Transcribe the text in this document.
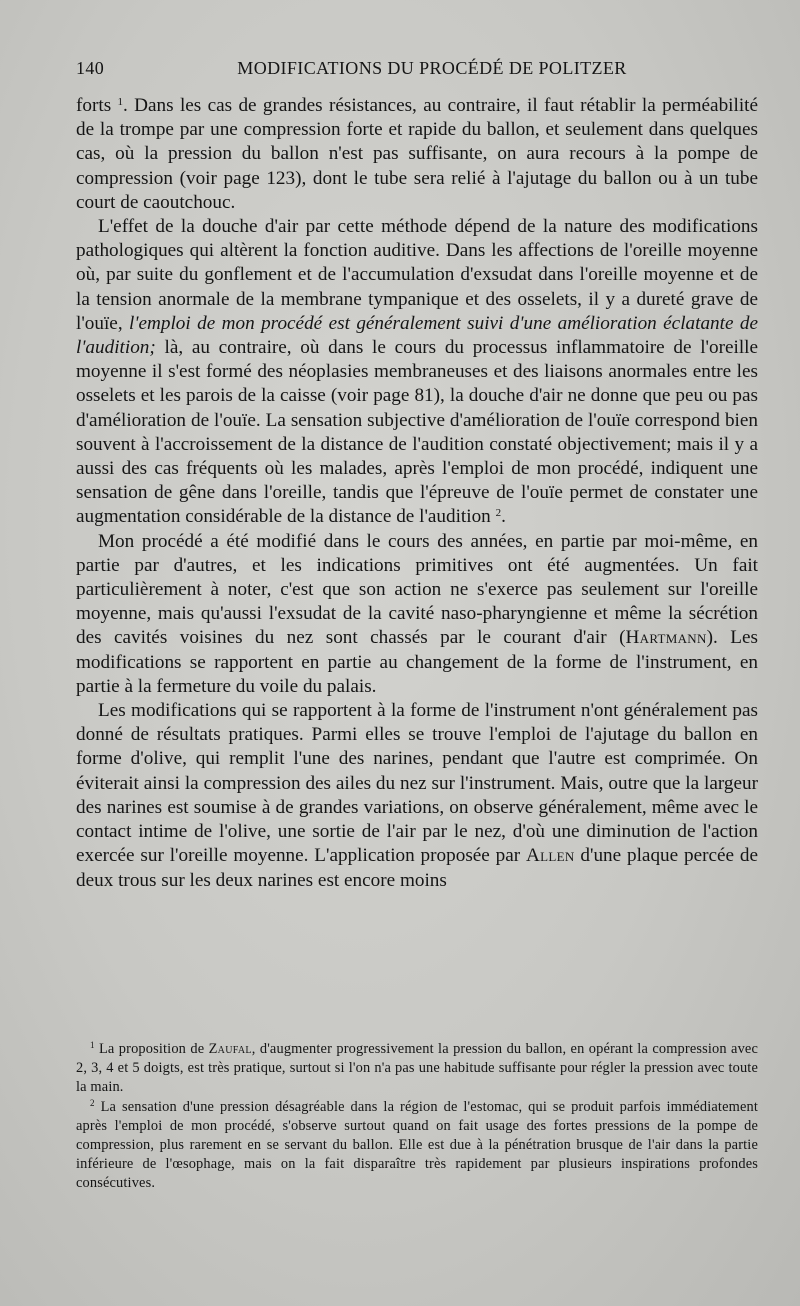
140	MODIFICATIONS DU PROCÉDÉ DE POLITZER

forts $^1$. Dans les cas de grandes résistances, au contraire, il faut rétablir la perméabilité de la trompe par une compression forte et rapide du ballon, et seulement dans quelques cas, où la pression du ballon n'est pas suffisante, on aura recours à la pompe de compression (voir page 123), dont le tube sera relié à l'ajutage du ballon ou à un tube court de caoutchouc.

L'effet de la douche d'air par cette méthode dépend de la nature des modifications pathologiques qui altèrent la fonction auditive. Dans les affections de l'oreille moyenne où, par suite du gonflement et de l'accumulation d'exsudat dans l'oreille moyenne et de la tension anormale de la membrane tympanique et des osselets, il y a dureté grave de l'ouïe, l'emploi de mon procédé est généralement suivi d'une amélioration éclatante de l'audition; là, au contraire, où dans le cours du processus inflammatoire de l'oreille moyenne il s'est formé des néoplasies membraneuses et des liaisons anormales entre les osselets et les parois de la caisse (voir page 81), la douche d'air ne donne que peu ou pas d'amélioration de l'ouïe. La sensation subjective d'amélioration de l'ouïe correspond bien souvent à l'accroissement de la distance de l'audition constaté objectivement; mais il y a aussi des cas fréquents où les malades, après l'emploi de mon procédé, indiquent une sensation de gêne dans l'oreille, tandis que l'épreuve de l'ouïe permet de constater une augmentation considérable de la distance de l'audition $^2$.

Mon procédé a été modifié dans le cours des années, en partie par moi-même, en partie par d'autres, et les indications primitives ont été augmentées. Un fait particulièrement à noter, c'est que son action ne s'exerce pas seulement sur l'oreille moyenne, mais qu'aussi l'exsudat de la cavité naso-pharyngienne et même la sécrétion des cavités voisines du nez sont chassés par le courant d'air (Hartmann). Les modifications se rapportent en partie au changement de la forme de l'instrument, en partie à la fermeture du voile du palais.

Les modifications qui se rapportent à la forme de l'instrument n'ont généralement pas donné de résultats pratiques. Parmi elles se trouve l'emploi de l'ajutage du ballon en forme d'olive, qui remplit l'une des narines, pendant que l'autre est comprimée. On éviterait ainsi la compression des ailes du nez sur l'instrument. Mais, outre que la largeur des narines est soumise à de grandes variations, on observe généralement, même avec le contact intime de l'olive, une sortie de l'air par le nez, d'où une diminution de l'action exercée sur l'oreille moyenne. L'application proposée par Allen d'une plaque percée de deux trous sur les deux narines est encore moins

$^1$ La proposition de Zaufal, d'augmenter progressivement la pression du ballon, en opérant la compression avec 2, 3, 4 et 5 doigts, est très pratique, surtout si l'on n'a pas une habitude suffisante pour régler la pression avec toute la main.

$^2$ La sensation d'une pression désagréable dans la région de l'estomac, qui se produit parfois immédiatement après l'emploi de mon procédé, s'observe surtout quand on fait usage des fortes pressions de la pompe de compression, plus rarement en se servant du ballon. Elle est due à la pénétration brusque de l'air dans la partie inférieure de l'œsophage, mais on la fait disparaître très rapidement par plusieurs inspirations profondes consécutives.
